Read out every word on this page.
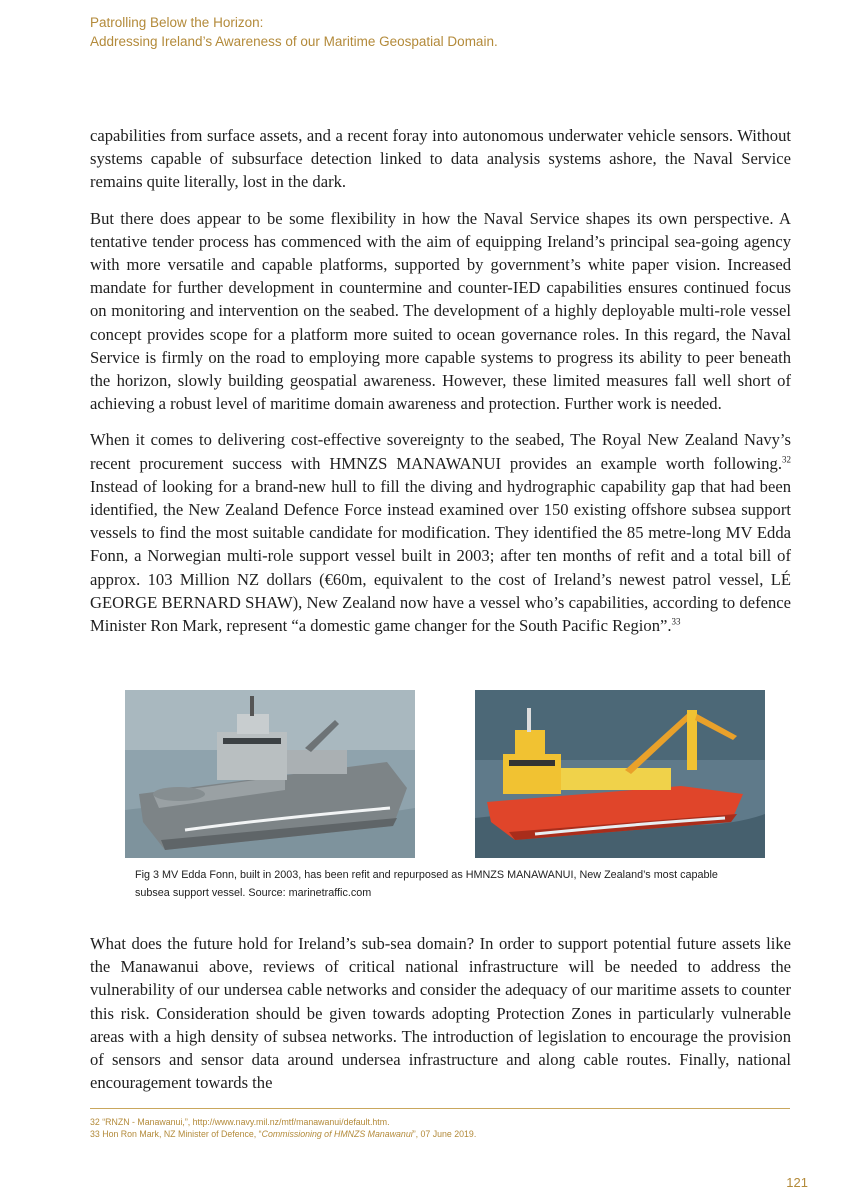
Patrolling Below the Horizon:
Addressing Ireland’s Awareness of our Maritime Geospatial Domain.

capabilities from surface assets, and a recent foray into autonomous underwater vehicle sensors. Without systems capable of subsurface detection linked to data analysis systems ashore, the Naval Service remains quite literally, lost in the dark.

But there does appear to be some flexibility in how the Naval Service shapes its own perspective. A tentative tender process has commenced with the aim of equipping Ireland’s principal sea-going agency with more versatile and capable platforms, supported by government’s white paper vision. Increased mandate for further development in countermine and counter-IED capabilities ensures continued focus on monitoring and intervention on the seabed. The development of a highly deployable multi-role vessel concept provides scope for a platform more suited to ocean governance roles. In this regard, the Naval Service is firmly on the road to employing more capable systems to progress its ability to peer beneath the horizon, slowly building geospatial awareness. However, these limited measures fall well short of achieving a robust level of maritime domain awareness and protection. Further work is needed.

When it comes to delivering cost-effective sovereignty to the seabed, The Royal New Zealand Navy’s recent procurement success with HMNZS MANAWANUI provides an example worth following.$^{32}$ Instead of looking for a brand-new hull to fill the diving and hydrographic capability gap that had been identified, the New Zealand Defence Force instead examined over 150 existing offshore subsea support vessels to find the most suitable candidate for modification. They identified the 85 metre-long MV Edda Fonn, a Norwegian multi-role support vessel built in 2003; after ten months of refit and a total bill of approx. 103 Million NZ dollars (€60m, equivalent to the cost of Ireland’s newest patrol vessel, LÉ GEORGE BERNARD SHAW), New Zealand now have a vessel who’s capabilities, according to defence Minister Ron Mark, represent “a domestic game changer for the South Pacific Region”.$^{33}$

Fig 3 MV Edda Fonn, built in 2003, has been refit and repurposed as HMNZS MANAWANUI, New Zealand’s most capable subsea support vessel. Source: marinetraffic.com

What does the future hold for Ireland’s sub-sea domain? In order to support potential future assets like the Manawanui above, reviews of critical national infrastructure will be needed to address the vulnerability of our undersea cable networks and consider the adequacy of our maritime assets to counter this risk. Consideration should be given towards adopting Protection Zones in particularly vulnerable areas with a high density of subsea networks. The introduction of legislation to encourage the provision of sensors and sensor data around undersea infrastructure and along cable routes. Finally, national encouragement towards the

32 “RNZN - Manawanui,”, http://www.navy.mil.nz/mtf/manawanui/default.htm.

33 Hon Ron Mark, NZ Minister of Defence, “Commissioning of HMNZS Manawanui”, 07 June 2019.

121
